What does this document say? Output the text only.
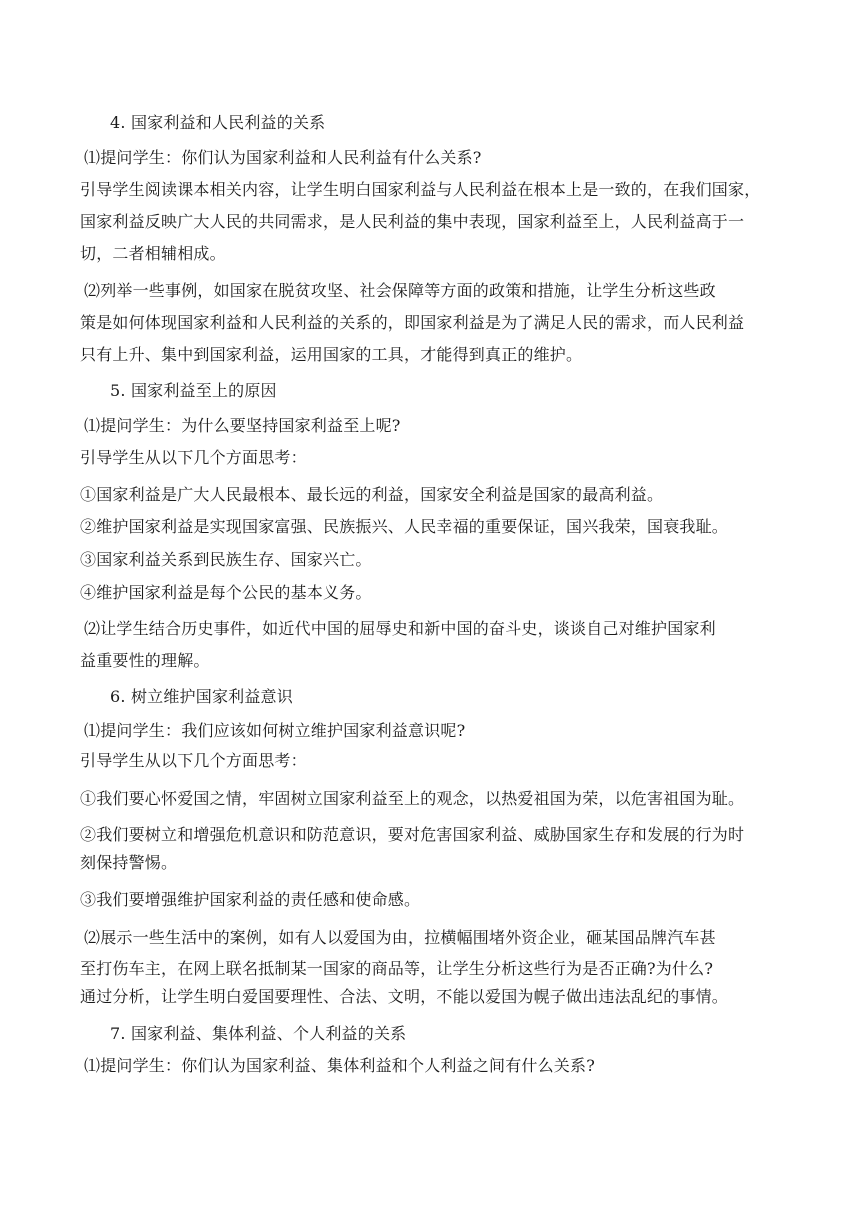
4. 国家利益和人民利益的关系
⑴提问学生：你们认为国家利益和人民利益有什么关系?
引导学生阅读课本相关内容，让学生明白国家利益与人民利益在根本上是一致的，在我们国家，
国家利益反映广大人民的共同需求，是人民利益的集中表现，国家利益至上，人民利益高于一
切，二者相辅相成。
⑵列举一些事例，如国家在脱贫攻坚、社会保障等方面的政策和措施，让学生分析这些政
策是如何体现国家利益和人民利益的关系的，即国家利益是为了满足人民的需求，而人民利益
只有上升、集中到国家利益，运用国家的工具，才能得到真正的维护。
5. 国家利益至上的原因
⑴提问学生：为什么要坚持国家利益至上呢?
引导学生从以下几个方面思考：
①国家利益是广大人民最根本、最长远的利益，国家安全利益是国家的最高利益。
②维护国家利益是实现国家富强、民族振兴、人民幸福的重要保证，国兴我荣，国衰我耻。
③国家利益关系到民族生存、国家兴亡。
④维护国家利益是每个公民的基本义务。
⑵让学生结合历史事件，如近代中国的屈辱史和新中国的奋斗史，谈谈自己对维护国家利
益重要性的理解。
6. 树立维护国家利益意识
⑴提问学生：我们应该如何树立维护国家利益意识呢?
引导学生从以下几个方面思考：
①我们要心怀爱国之情，牢固树立国家利益至上的观念，以热爱祖国为荣，以危害祖国为耻。
②我们要树立和增强危机意识和防范意识，要对危害国家利益、威胁国家生存和发展的行为时
刻保持警惕。
③我们要增强维护国家利益的责任感和使命感。
⑵展示一些生活中的案例，如有人以爱国为由，拉横幅围堵外资企业，砸某国品牌汽车甚
至打伤车主，在网上联名抵制某一国家的商品等，让学生分析这些行为是否正确?为什么?
通过分析，让学生明白爱国要理性、合法、文明，不能以爱国为幌子做出违法乱纪的事情。
7. 国家利益、集体利益、个人利益的关系
⑴提问学生：你们认为国家利益、集体利益和个人利益之间有什么关系?
